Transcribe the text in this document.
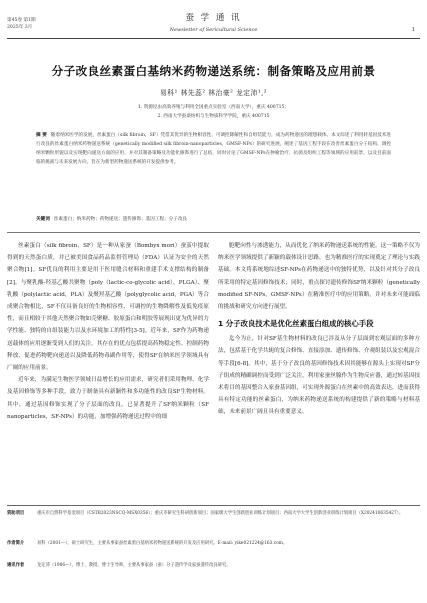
第45卷 第1期
2025年 3月
蚕 学 通 讯
Newsletter of Sericultural Science	1
分子改良丝素蛋白基纳米药物递送系统：制备策略及应用前景
易科¹ 林先蕊² 林治豪² 龙定沛¹,²
1. 资源昆虫高效养殖与利用全国重点实验室（西南大学），重庆 400715；
2. 西南大学蚕桑纺织与生物质科学学院，重庆 400715
摘 要 随着纳米医学的发展，丝素蛋白（silk fibroin，SF）凭借其优异的生物相容性、可调控降解性和自组装能力，成为药物递送的理想载体。本文综述了利用转基因技术进行改良的丝素蛋白纳米药物递送系统（genetically modified silk fibroin-nanoparticles，GMSF-NPs）的研究进展，阐述了基因工程手段在改善丝素蛋白分子结构、调控纳米颗粒形貌以及实现靶向递送方面的应用，并对其制备策略及功能化修饰进行了总结，同时讨论了GMSF-NPs在肿瘤治疗、抗菌及组织工程等领域的应用前景，以及目前面临的挑战与未来发展方向，旨在为新型药物递送系统的开发提供参考。
关键词 丝素蛋白；纳米药物；药物递送；遗传修饰；基因工程；分子改良

丝素蛋白（silk fibroin，SF）是一种从家蚕（Bombyx mori）蚕茧中提取得到的天然蛋白质，并已被美国食品药品监督管理局（FDA）认证为安全的天然聚合物[1]。SF优良的利用主要是用于医用缝合材料和重建手术支撑结构的制备[2]。与聚乳酸-羟基乙酸共聚物（poly（lactic-co-glycolic acid），PLGA）、聚乳酸（polylactic acid，PLA）及聚羟基乙酸（polyglycolic acid，PGA）等合成聚合物相比，SF不仅具备良好的生物相容性、可调控的生物降解性及低免疫原性，而且相较于其他天然聚合物如壳聚糖、胶原蛋白和明胶等展现出更为优异的力学性能、独特的自组装能力以及水环境加工的特性[3-5]。近年来，SF作为药物递送载体的应用逐渐受到人们的关注，其存在的优点包括提高药物稳定性、控制药物释放、促进药物靶向递送以及降低药物毒副作用等，使得SF在纳米医学领域具有广阔的应用前景。

近年来，为满足生物医学领域日益增长的应用需求，研究者们采用物理、化学及基因修饰等多种手段，致力于制备具有新颖性和多功能性的改良SF生物材料。其中，通过基因修饰实现了分子层面的改良，已显著提升了SF纳米颗粒（SF nanoparticles，SF-NPs）的功能，加增强药物递送过程中的细

胞靶向性与渗透能力，从而优化了纳米药物递送系统的性能。这一策略不仅为纳米医学领域提供了新颖的载体设计思路，也为精准医疗的实现奠定了理论与实践基础。本文将系统地综述SF-NPs在药物递送中的独特优势，以及针对其分子改良所采用的特定基因修饰技术；同时，重点探讨遗传修饰SF纳米颗粒（genetically modified SF-NPs，GMSF-NPs）在精准医疗中的应用策略，并对未来可能面临的挑战和研究方向进行展望。

1 分子改良技术是优化丝素蛋白组成的核心手段

迄今为止，针对SF基生物材料的改良已涉及从分子层面到宏观层面的多种方法，包括基于化学共轭的复合修饰、直接添加、遗传修饰、介观组装以及宏观混合等手段[6-8]。其中，基于分子改良的基因修饰技术因其能够在源头上实现对SF分子组成的精确调控而受到广泛关注。利用家蚕丝腺作为生物反应器，通过转基因技术将目的基因整合入家蚕基因组，可实现外源蛋白在丝素中的高效表达，进而获得具有特定功能的丝素蛋白，为纳米药物递送系统的构建提供了新的策略与材料基础，未来前景广阔且具有重要意义。

资助项目	重庆市自然科学基金项目（CSTB2023NSCQ-MSX0356）；重庆市研究生科研创新项目；国家级大学生创新创业训练计划项目；西南大学大学生创新创业训练计划项目（X202410635427）。
作者简介	易科（2001—），硕士研究生，主要从事家蚕丝素蛋白基纳米药物递送系统的开发及应用研究。E-mail: yike021224@163.com。
通讯作者	龙定沛（1986—），博士，教授，博士生导师，主要从事家蚕（蚕）分子遗传学及家蚕遗传改良研究。
